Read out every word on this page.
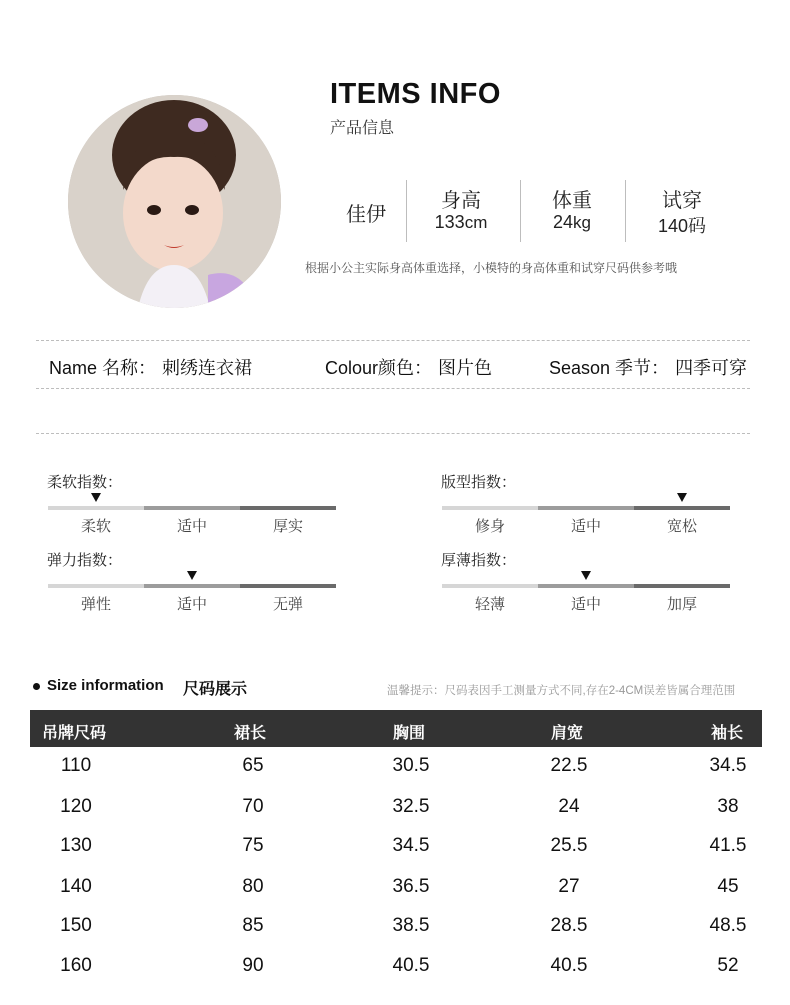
ITEMS INFO
产品信息
佳伊
身高
133cm
体重
24kg
试穿
140码
根据小公主实际身高体重选择，小模特的身高体重和试穿尺码供参考哦
Name 名称： 刺绣连衣裙	Colour颜色： 图片色	Season 季节： 四季可穿
柔软指数：
柔软	适中	厚实
版型指数：
修身	适中	宽松
弹力指数：
弹性	适中	无弹
厚薄指数：
轻薄	适中	加厚
Size information 尺码展示	温馨提示：尺码表因手工测量方式不同,存在2-4CM误差皆属合理范围
吊牌尺码	裙长	胸围	肩宽	袖长
110	65	30.5	22.5	34.5
120	70	32.5	24	38
130	75	34.5	25.5	41.5
140	80	36.5	27	45
150	85	38.5	28.5	48.5
160	90	40.5	40.5	52
